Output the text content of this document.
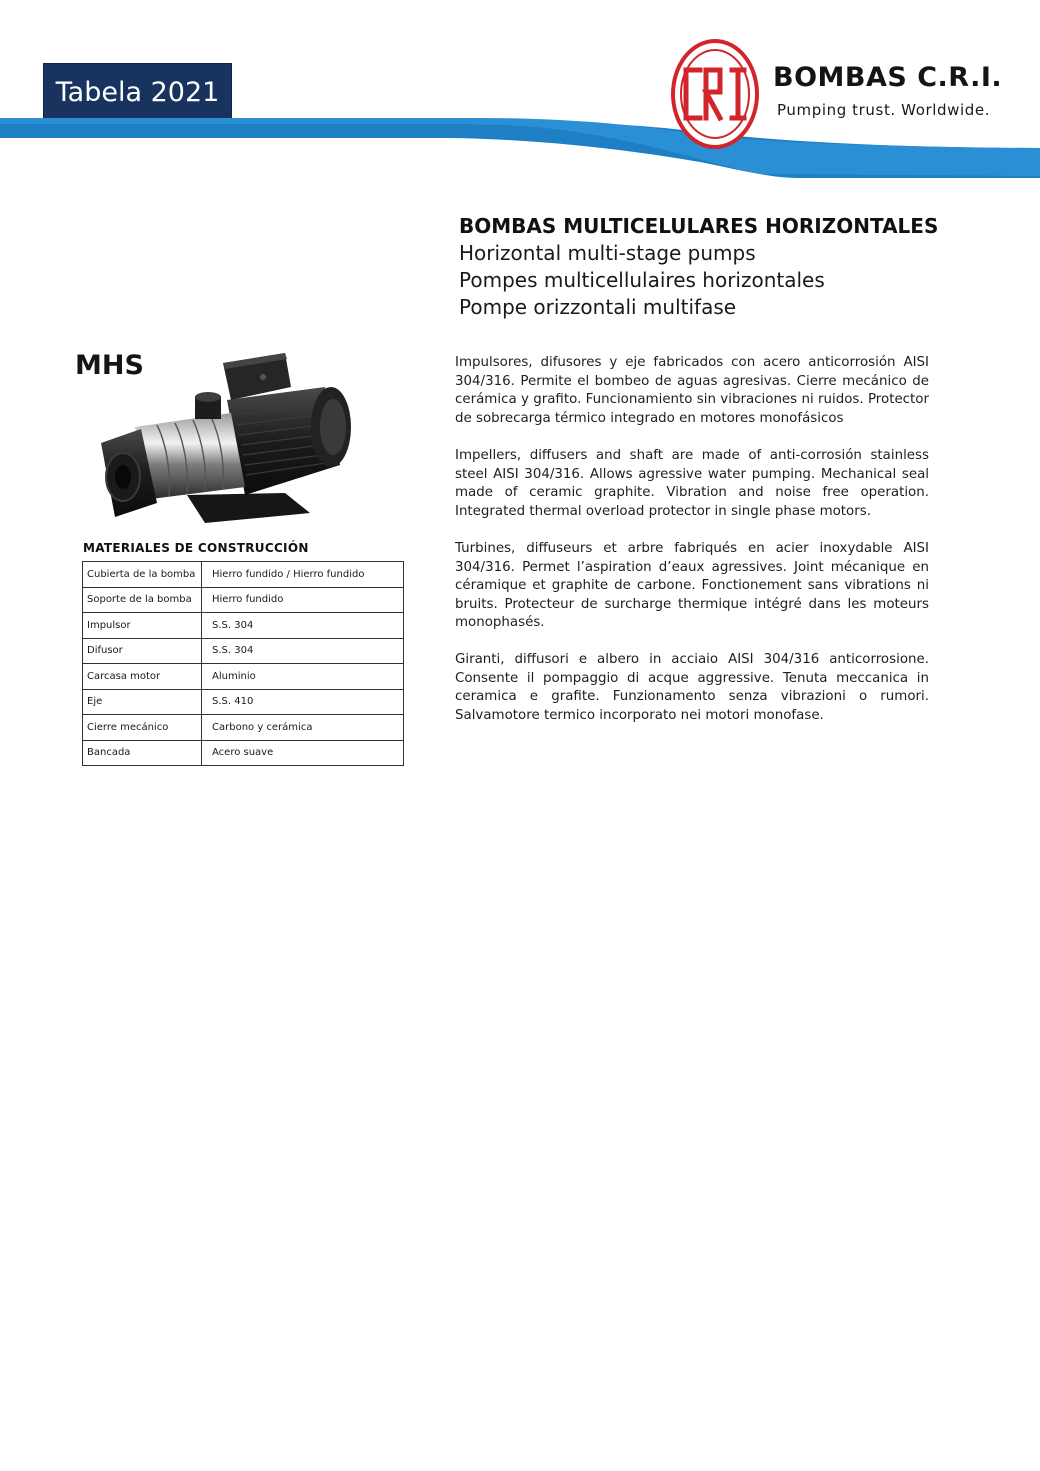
Tabela 2021	BOMBAS C.R.I.
Pumping trust. Worldwide.
BOMBAS MULTICELULARES HORIZONTALES
Horizontal multi-stage pumps
Pompes multicellulaires horizontales
Pompe orizzontali multifase
MHS
MATERIALES DE CONSTRUCCIÓN
Cubierta de la bomba	Hierro fundido / Hierro fundido
Soporte de la bomba	Hierro fundido
Impulsor	S.S. 304
Difusor	S.S. 304
Carcasa motor	Aluminio
Eje	S.S. 410
Cierre mecánico	Carbono y cerámica
Bancada	Acero suave

Impulsores, difusores y eje fabricados con acero anticorrosión AISI 304/316. Permite el bombeo de aguas agresivas. Cierre mecánico de cerámica y grafito. Funcionamiento sin vibraciones ni ruidos. Protector de sobrecarga térmico integrado en motores monofásicos

Impellers, diffusers and shaft are made of anti-corrosión stainless steel AISI 304/316. Allows agressive water pumping. Mechanical seal made of ceramic graphite. Vibration and noise free operation. Integrated thermal overload protector in single phase motors.

Turbines, diffuseurs et arbre fabriqués en acier inoxydable AISI 304/316. Permet l’aspiration d’eaux agressives. Joint mécanique en céramique et graphite de carbone. Fonctionement sans vibrations ni bruits. Protecteur de surcharge thermique intégré dans les moteurs monophasés.

Giranti, diffusori e albero in acciaio AISI 304/316 anticorrosione. Consente il pompaggio di acque aggressive. Tenuta meccanica in ceramica e grafite. Funzionamento senza vibrazioni o rumori. Salvamotore termico incorporato nei motori monofase.
